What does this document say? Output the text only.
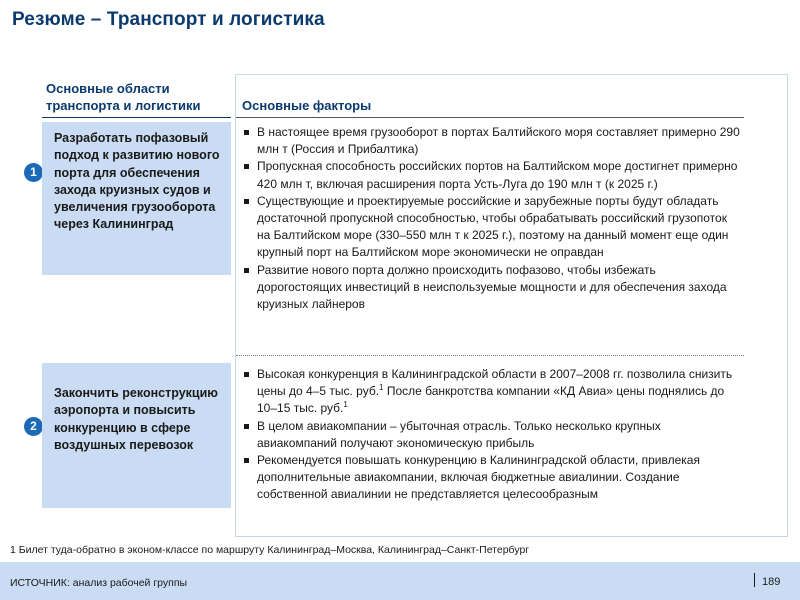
Резюме – Транспорт и логистика
Основные области транспорта и логистики	Основные факторы
1
Разработать пофазовый подход к развитию нового порта для обеспечения захода круизных судов и увеличения грузооборота через Калининград
В настоящее время грузооборот в портах Балтийского моря составляет примерно 290 млн т (Россия и Прибалтика)
Пропускная способность российских портов на Балтийском море достигнет примерно 420 млн т, включая расширения порта Усть-Луга до 190 млн т (к 2025 г.)
Существующие и проектируемые российские и зарубежные порты будут обладать достаточной пропускной способностью, чтобы обрабатывать российский грузопоток на Балтийском море (330–550 млн т к 2025 г.), поэтому на данный момент еще один крупный порт на Балтийском море экономически не оправдан
Развитие нового порта должно происходить пофазово, чтобы избежать дорогостоящих инвестиций в неиспользуемые мощности и для обеспечения захода круизных лайнеров
2
Закончить реконструкцию аэропорта и повысить конкуренцию в сфере воздушных перевозок
Высокая конкуренция в Калининградской области в 2007–2008 гг. позволила снизить цены до 4–5 тыс. руб.$^1$ После банкротства компании «КД Авиа» цены поднялись до 10–15 тыс. руб.$^1$
В целом авиакомпании – убыточная отрасль. Только несколько крупных авиакомпаний получают экономическую прибыль
Рекомендуется повышать конкуренцию в Калининградской области, привлекая дополнительные авиакомпании, включая бюджетные авиалинии. Создание собственной авиалинии не представляется целесообразным
1 Билет туда-обратно в эконом-классе по маршруту Калининград–Москва, Калининград–Санкт-Петербург
ИСТОЧНИК: анализ рабочей группы	189
